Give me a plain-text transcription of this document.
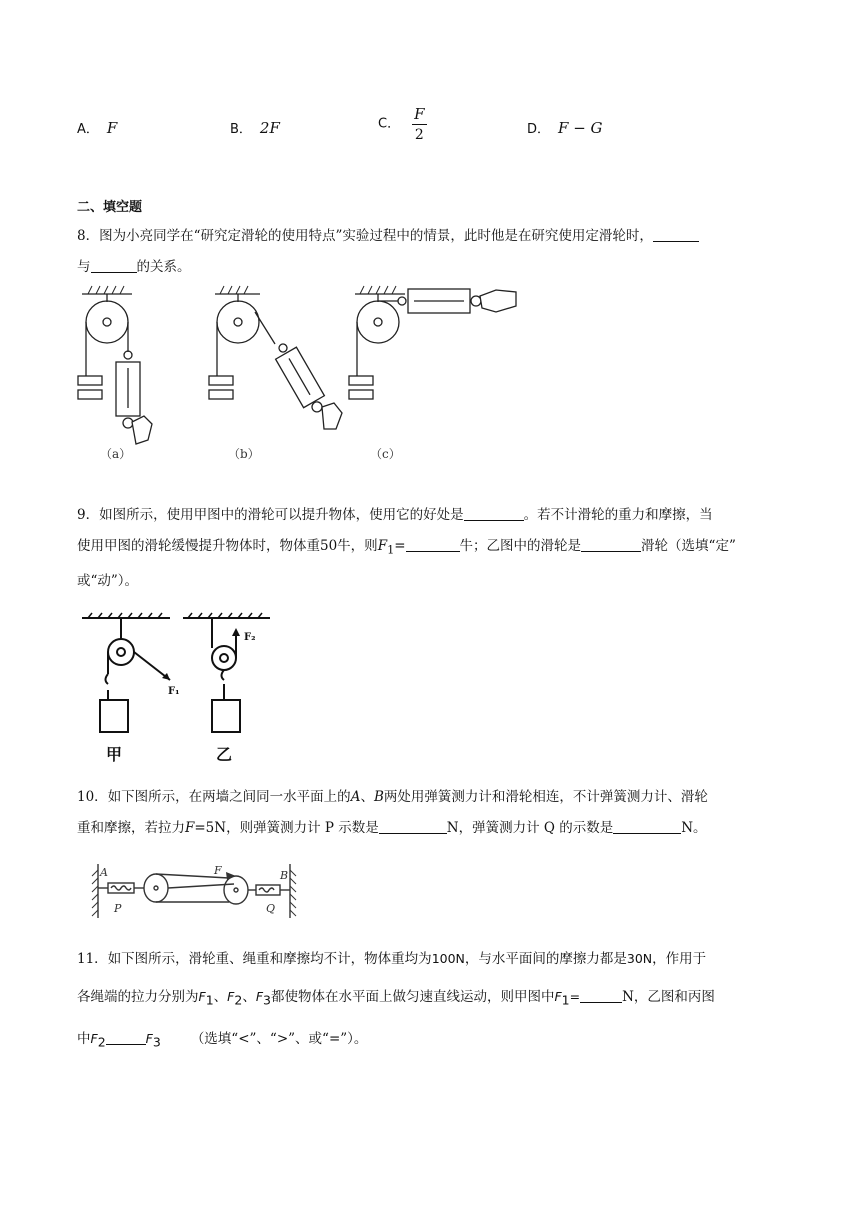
A． F	B． 2F	C． $\frac{F}{2}$	D． F − G
二、填空题
8．图为小亮同学在“研究定滑轮的使用特点”实验过程中的情景，此时他是在研究使用定滑轮时，
与	的关系。
（a）	（b）	（c）
9．如图所示，使用甲图中的滑轮可以提升物体，使用它的好处是	。若不计滑轮的重力和摩擦，当
使用甲图的滑轮缓慢提升物体时，物体重50牛，则$F_1=$	牛；乙图中的滑轮是	滑轮（选填“定”
或“动”）。
F₁
F₂
甲	乙
10．如下图所示，在两墙之间同一水平面上的A、B两处用弹簧测力计和滑轮相连，不计弹簧测力计、滑轮
重和摩擦，若拉力F=5N，则弹簧测力计 P 示数是	N，弹簧测力计 Q 的示数是	N。
A	B
F
P	Q
11．如下图所示，滑轮重、绳重和摩擦均不计，物体重均为100N，与水平面间的摩擦力都是30N，作用于
各绳端的拉力分别为$F_1$、$F_2$、$F_3$都使物体在水平面上做匀速直线运动，则甲图中$F_1=$	N，乙图和丙图
中$F_2$	$F_3$ （选填“<”、“>”、或“=”）。
